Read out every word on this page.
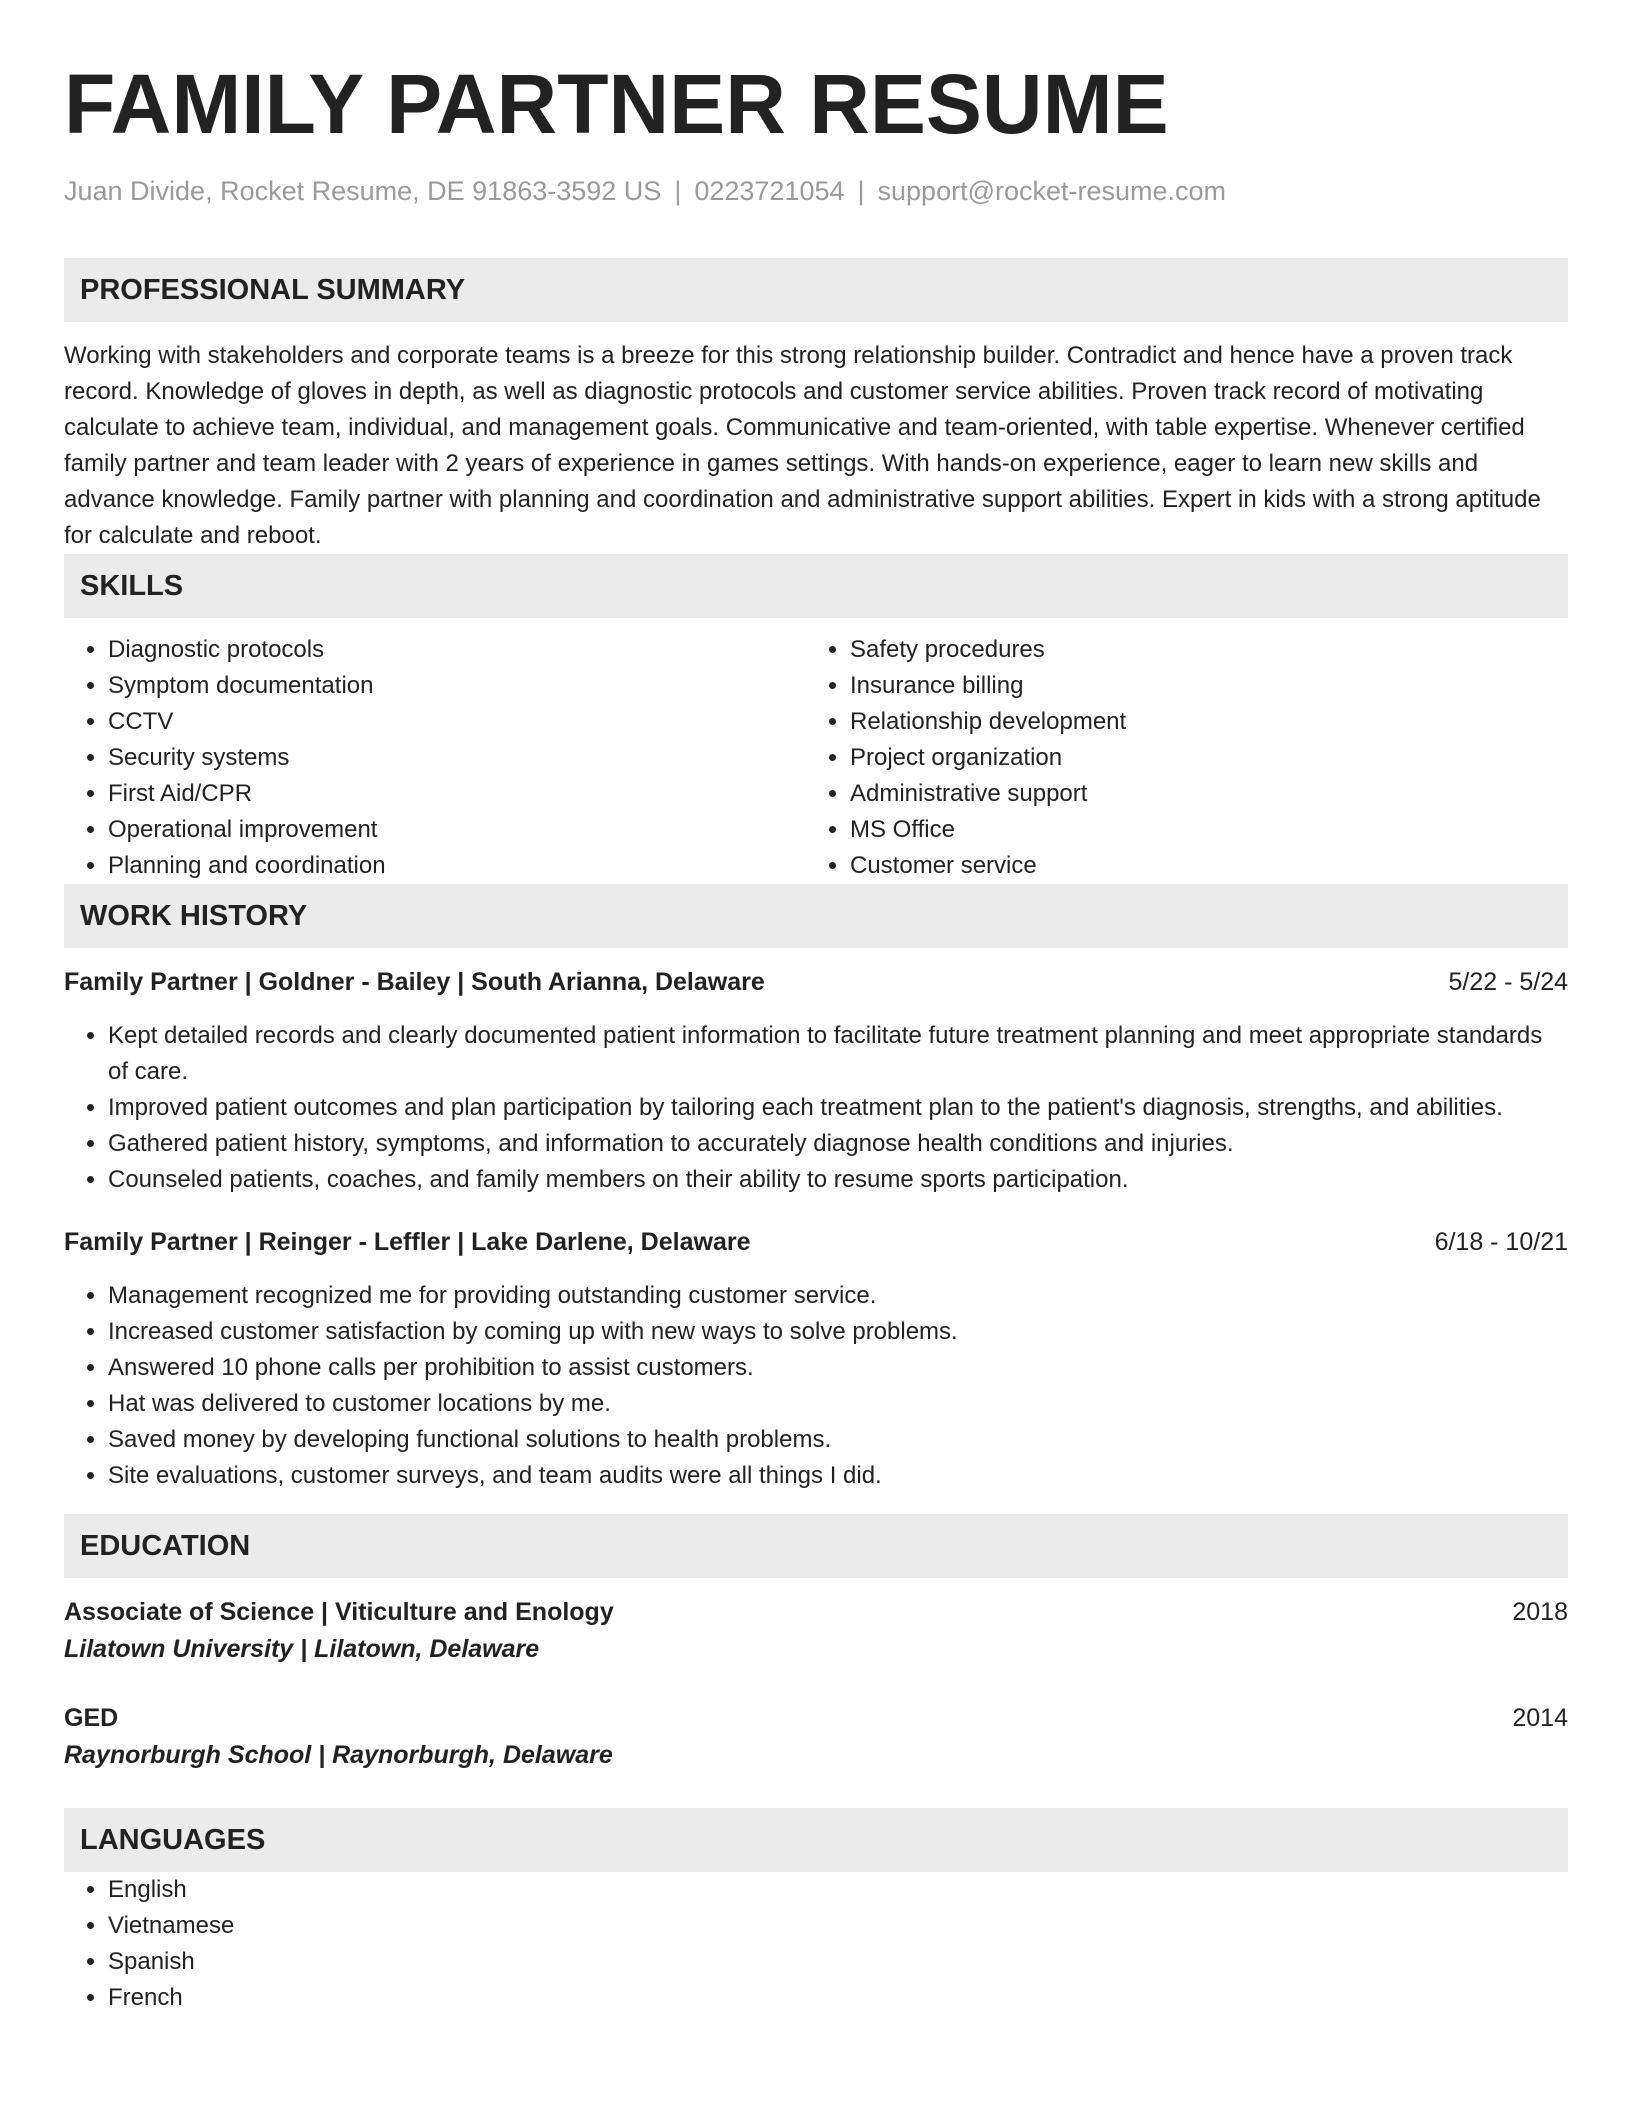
FAMILY PARTNER RESUME
Juan Divide, Rocket Resume, DE 91863-3592 US | 0223721054 | support@rocket-resume.com
PROFESSIONAL SUMMARY
Working with stakeholders and corporate teams is a breeze for this strong relationship builder. Contradict and hence have a proven track record. Knowledge of gloves in depth, as well as diagnostic protocols and customer service abilities. Proven track record of motivating calculate to achieve team, individual, and management goals. Communicative and team-oriented, with table expertise. Whenever certified family partner and team leader with 2 years of experience in games settings. With hands-on experience, eager to learn new skills and advance knowledge. Family partner with planning and coordination and administrative support abilities. Expert in kids with a strong aptitude for calculate and reboot.
SKILLS
• Diagnostic protocols
• Symptom documentation
• CCTV
• Security systems
• First Aid/CPR
• Operational improvement
• Planning and coordination
• Safety procedures
• Insurance billing
• Relationship development
• Project organization
• Administrative support
• MS Office
• Customer service
WORK HISTORY
Family Partner | Goldner - Bailey | South Arianna, Delaware	5/22 - 5/24
• Kept detailed records and clearly documented patient information to facilitate future treatment planning and meet appropriate standards of care.
• Improved patient outcomes and plan participation by tailoring each treatment plan to the patient's diagnosis, strengths, and abilities.
• Gathered patient history, symptoms, and information to accurately diagnose health conditions and injuries.
• Counseled patients, coaches, and family members on their ability to resume sports participation.
Family Partner | Reinger - Leffler | Lake Darlene, Delaware	6/18 - 10/21
• Management recognized me for providing outstanding customer service.
• Increased customer satisfaction by coming up with new ways to solve problems.
• Answered 10 phone calls per prohibition to assist customers.
• Hat was delivered to customer locations by me.
• Saved money by developing functional solutions to health problems.
• Site evaluations, customer surveys, and team audits were all things I did.
EDUCATION
Associate of Science | Viticulture and Enology	2018
Lilatown University | Lilatown, Delaware
GED	2014
Raynorburgh School | Raynorburgh, Delaware
LANGUAGES
• English
• Vietnamese
• Spanish
• French
